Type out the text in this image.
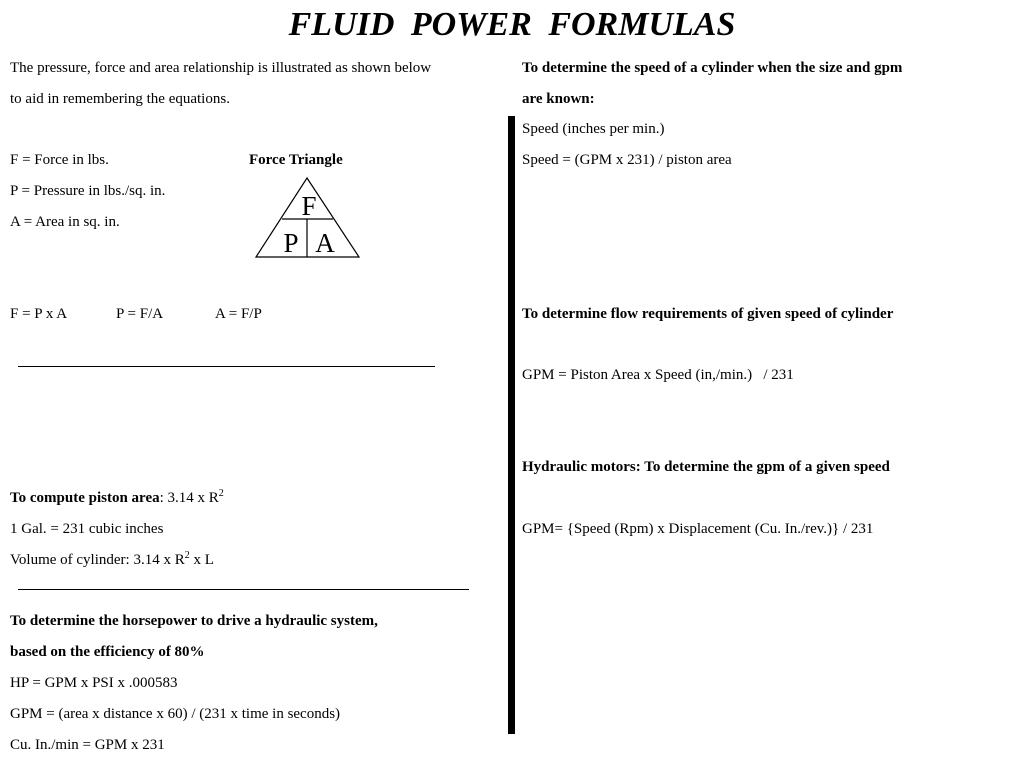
FLUID POWER FORMULAS
The pressure, force and area relationship is illustrated as shown below
to aid in remembering the equations.
F = Force in lbs.	Force Triangle
P = Pressure in lbs./sq. in.
A = Area in sq. in.
F
P A
F = P x A	P = F/A	A = F/P
To compute piston area: 3.14 x $R^2$
1 Gal. = 231 cubic inches
Volume of cylinder: 3.14 x $R^2$ x L
To determine the horsepower to drive a hydraulic system,
based on the efficiency of 80%
HP = GPM x PSI x .000583
GPM = (area x distance x 60) / (231 x time in seconds)
Cu. In./min = GPM x 231
To determine the speed of a cylinder when the size and gpm
are known:
Speed (inches per min.)
Speed = (GPM x 231) / piston area
To determine flow requirements of given speed of cylinder
GPM = Piston Area x Speed (in,/min.)   / 231
Hydraulic motors: To determine the gpm of a given speed
GPM= {Speed (Rpm) x Displacement (Cu. In./rev.)} / 231
